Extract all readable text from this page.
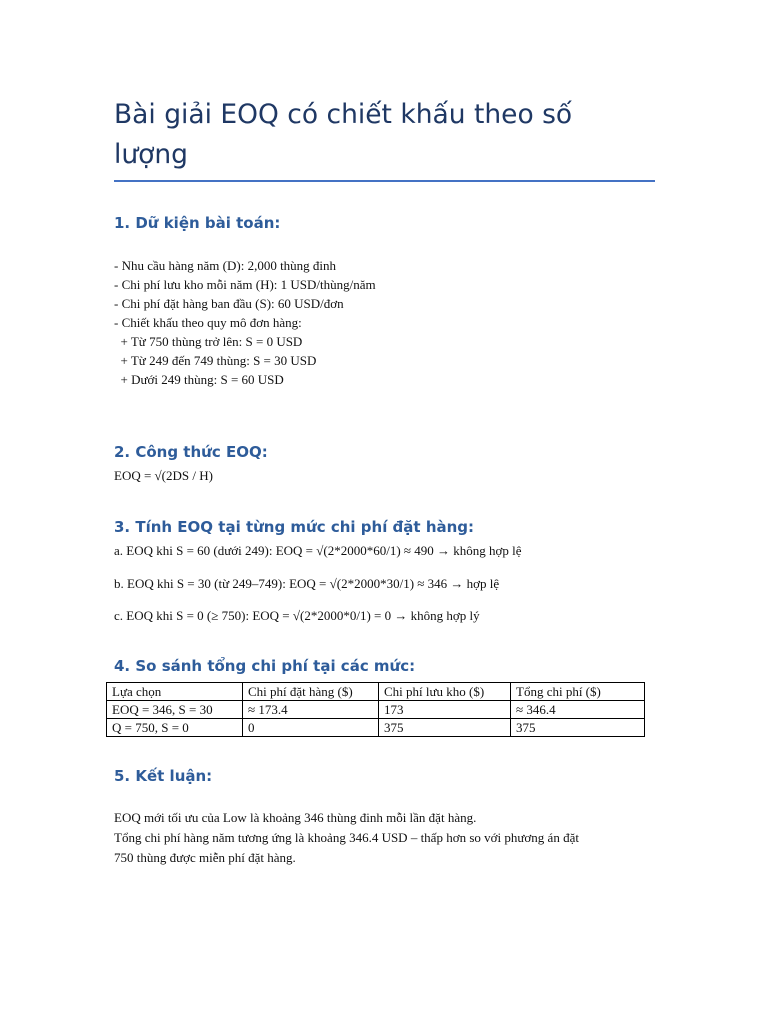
Bài giải EOQ có chiết khấu theo số lượng
1. Dữ kiện bài toán:
- Nhu cầu hàng năm (D): 2,000 thùng đinh
- Chi phí lưu kho mỗi năm (H): 1 USD/thùng/năm
- Chi phí đặt hàng ban đầu (S): 60 USD/đơn
- Chiết khấu theo quy mô đơn hàng:
+ Từ 750 thùng trở lên: S = 0 USD
+ Từ 249 đến 749 thùng: S = 30 USD
+ Dưới 249 thùng: S = 60 USD
2. Công thức EOQ:
EOQ = √(2DS / H)
3. Tính EOQ tại từng mức chi phí đặt hàng:
a. EOQ khi S = 60 (dưới 249): EOQ = √(2*2000*60/1) ≈ 490 → không hợp lệ
b. EOQ khi S = 30 (từ 249–749): EOQ = √(2*2000*30/1) ≈ 346 → hợp lệ
c. EOQ khi S = 0 (≥ 750): EOQ = √(2*2000*0/1) = 0 → không hợp lý
4. So sánh tổng chi phí tại các mức:
Lựa chọn	Chi phí đặt hàng ($)	Chi phí lưu kho ($)	Tổng chi phí ($)
EOQ = 346, S = 30	≈ 173.4	173	≈ 346.4
Q = 750, S = 0	0	375	375
5. Kết luận:
EOQ mới tối ưu của Low là khoảng 346 thùng đinh mỗi lần đặt hàng.
Tổng chi phí hàng năm tương ứng là khoảng 346.4 USD – thấp hơn so với phương án đặt
750 thùng được miễn phí đặt hàng.
